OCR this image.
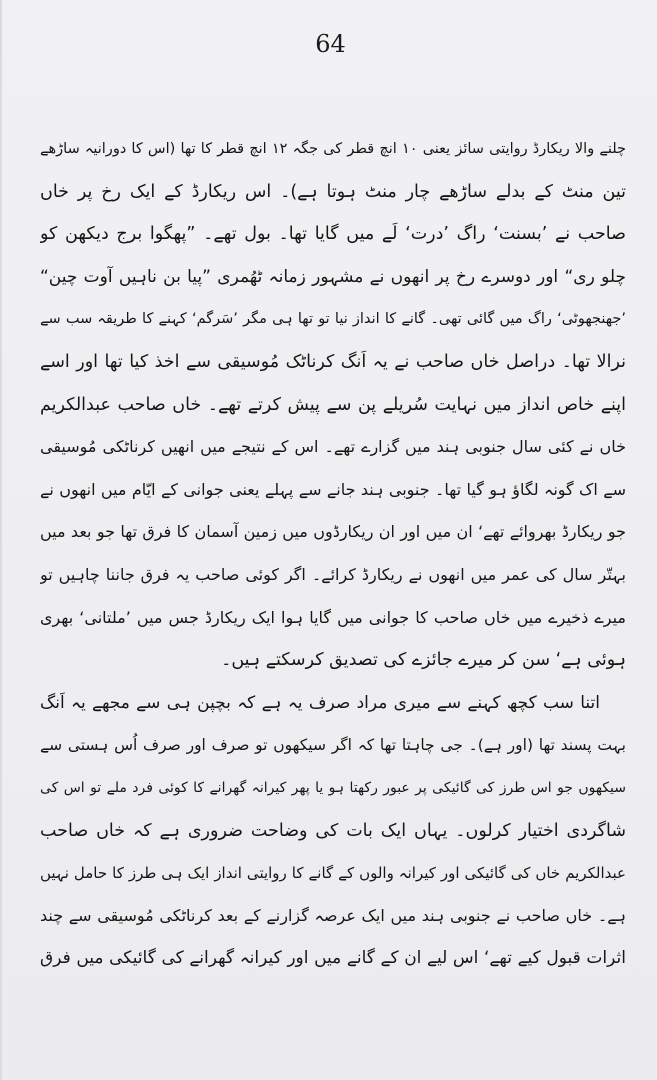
64
چلنے والا ریکارڈ روایتی سائز یعنی ۱۰ انچ قطر کی جگہ ۱۲ انچ قطر کا تھا (اس کا دورانیہ ساڑھے
تین منٹ کے بدلے ساڑھے چار منٹ ہوتا ہے)۔ اس ریکارڈ کے ایک رخ پر خاں
صاحب نے ’بسنت‘ راگ ’درت‘ لَے میں گایا تھا۔ بول تھے۔ ”پھگوا برج دیکھن کو
چلو ری“ اور دوسرے رخ پر انھوں نے مشہور زمانہ ٹھُمری ”پیا بن ناہیں آوت چین“
’جھنجھوٹی‘ راگ میں گائی تھی۔ گانے کا انداز نیا تو تھا ہی مگر ’سَرگم‘ کہنے کا طریقہ سب سے
نرالا تھا۔ دراصل خاں صاحب نے یہ اَنگ کرناٹک مُوسیقی سے اخذ کیا تھا اور اسے
اپنے خاص انداز میں نہایت سُریلے پن سے پیش کرتے تھے۔ خاں صاحب عبدالکریم
خاں نے کئی سال جنوبی ہند میں گزارے تھے۔ اس کے نتیجے میں انھیں کرناٹکی مُوسیقی
سے اک گونہ لگاؤ ہو گیا تھا۔ جنوبی ہند جانے سے پہلے یعنی جوانی کے ایّام میں انھوں نے
جو ریکارڈ بھروائے تھے‘ ان میں اور ان ریکارڈوں میں زمین آسمان کا فرق تھا جو بعد میں
بہتّر سال کی عمر میں انھوں نے ریکارڈ کرائے۔ اگر کوئی صاحب یہ فرق جاننا چاہیں تو
میرے ذخیرے میں خاں صاحب کا جوانی میں گایا ہوا ایک ریکارڈ جس میں ’ملتانی‘ بھری
ہوئی ہے‘ سن کر میرے جائزے کی تصدیق کرسکتے ہیں۔
اتنا سب کچھ کہنے سے میری مراد صرف یہ ہے کہ بچپن ہی سے مجھے یہ اَنگ
بہت پسند تھا (اور ہے)۔ جی چاہتا تھا کہ اگر سیکھوں تو صرف اور صرف اُس ہستی سے
سیکھوں جو اس طرز کی گائیکی پر عبور رکھتا ہو یا پھر کیرانہ گھرانے کا کوئی فرد ملے تو اس کی
شاگردی اختیار کرلوں۔ یہاں ایک بات کی وضاحت ضروری ہے کہ خاں صاحب
عبدالکریم خاں کی گائیکی اور کیرانہ والوں کے گانے کا روایتی انداز ایک ہی طرز کا حامل نہیں
ہے۔ خاں صاحب نے جنوبی ہند میں ایک عرصہ گزارنے کے بعد کرناٹکی مُوسیقی سے چند
اثرات قبول کیے تھے‘ اس لیے ان کے گانے میں اور کیرانہ گھرانے کی گائیکی میں فرق
